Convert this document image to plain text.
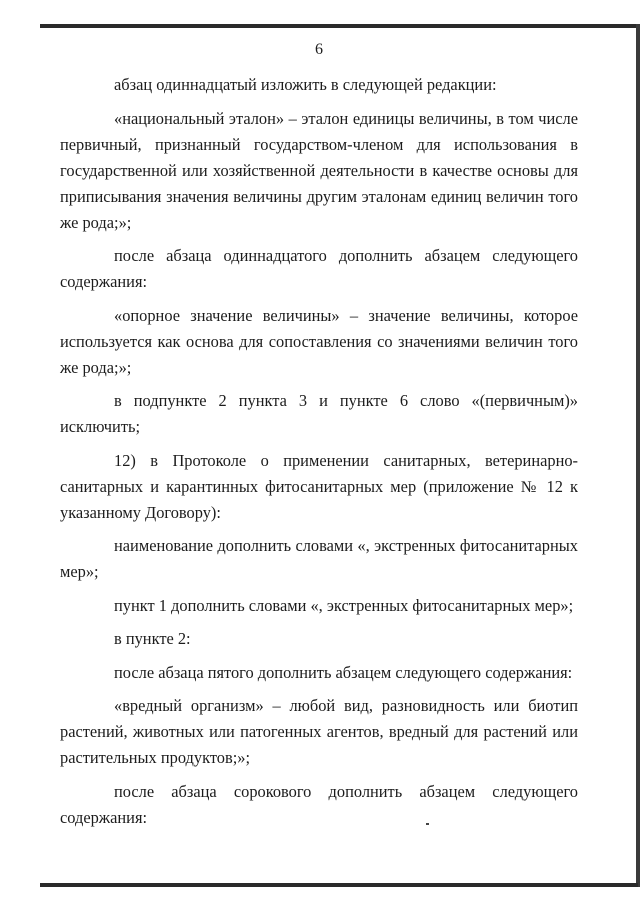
6

абзац одиннадцатый изложить в следующей редакции:

«национальный эталон» – эталон единицы величины, в том числе первичный, признанный государством-членом для использования в государственной или хозяйственной деятельности в качестве основы для приписывания значения величины другим эталонам единиц величин того же рода;»;

после абзаца одиннадцатого дополнить абзацем следующего содержания:

«опорное значение величины» – значение величины, которое используется как основа для сопоставления со значениями величин того же рода;»;

в подпункте 2 пункта 3 и пункте 6 слово «(первичным)» исключить;

12) в Протоколе о применении санитарных, ветеринарно-санитарных и карантинных фитосанитарных мер (приложение № 12 к указанному Договору):

наименование дополнить словами «, экстренных фитосанитарных мер»;

пункт 1 дополнить словами «, экстренных фитосанитарных мер»;

в пункте 2:

после абзаца пятого дополнить абзацем следующего содержания:

«вредный организм» – любой вид, разновидность или биотип растений, животных или патогенных агентов, вредный для растений или растительных продуктов;»;

после абзаца сорокового дополнить абзацем следующего содержания:
